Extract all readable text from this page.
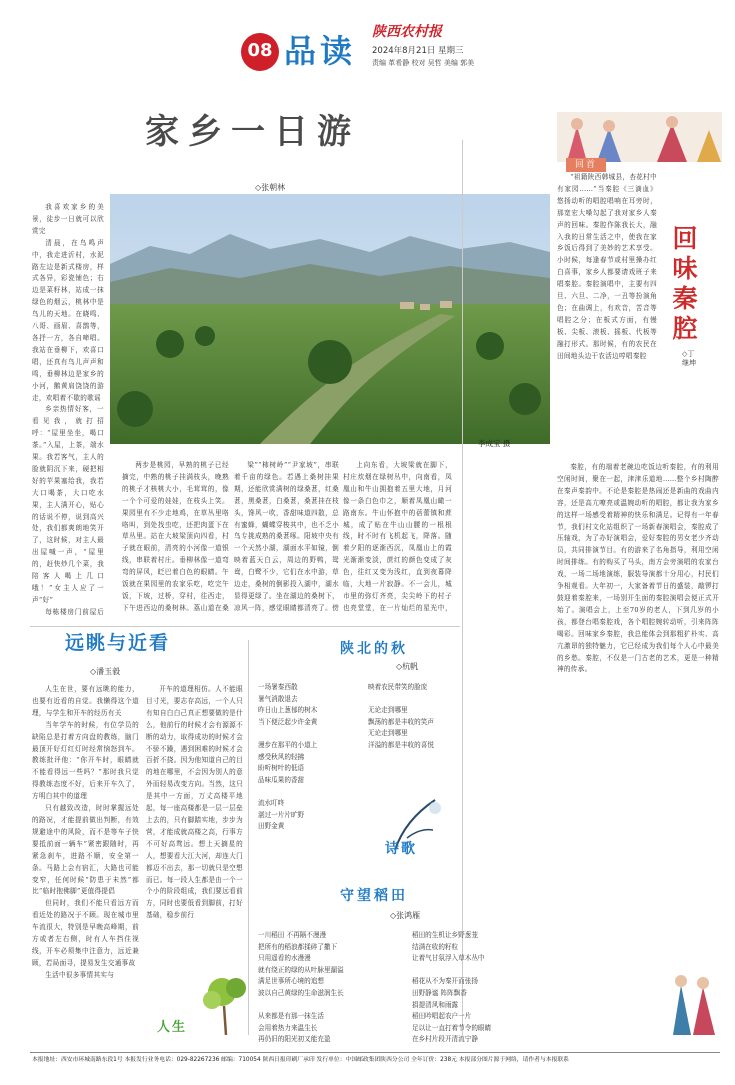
08 品读 陕西农村报
2024年8月21日 星期三
责编 革希静 校对 吴哲 美编 郭美
家乡一日游
◇张朝林
李成宝 摄

我喜欢家乡的美景，徒步一日就可以欣赏完

清晨，在鸟鸣声中，我走进沂村，水泥路左边是新式楼房，样式各异，彩瓷铺色；右边是菜籽林，站成一抹绿色的烟云，桃林中是鸟儿的天地。在晓鸣、八哥、画眉、喜鹊等，各抒一方，各自啼唱。我站在垂柳下，欢喜口唱，还真有鸟儿声声和鸣，垂柳林边是家乡的小河，鹅黄肩饶饶的游走，欢唱着不歇的歌谣

乡亲热情好客，一看见我，就打招呼：“屋里坐坐，喝口茶。”入屋，上茶，端水果。我若客气，主人的脸就阴沉下来，硬把相好的苹果塞给我，我若大口喝茶，大口吃水果，主人满开心，贴心的话说不停，说到高兴处，我们都爽朗地笑开了，这时候，对主人最出屋喊一声，“屋里的，赶快炒几个菜，我陪客人喝上几口哦！”女主人应了一声“好”

每栋楼房门前屋后

两步是桃园，早熟的桃子已经摘完，中熟的桃子挂满枝头，晚熟的桃子才核桃大小，毛茸茸的，像一个个可爱的娃娃，在枝头上笑。果园里有不少走地鸡，在草丛里咯咯叫，到处找虫吃，还把肉蛋下在草丛里。站在大坡梁顶向四看，村子就在眼前，清亮的小河像一道银线，串联着村庄。垂柳林像一道弯弯的屏风，眨巴着白色的眼睛。午饭就在果园里的农家乐吃，吃完午饭，下坡，过桥，穿村，往西走，下午进西边的桑树林。荔山道在桑

梁”“柿树岭”“尹家坡”，串联着千亩的绿色。若遇上桑树挂果期，还能欣赏满树的绿桑葚，红桑葚，黑桑葚，白桑葚，桑葚挂在枝头，馋风一吹，香甜味道四散，总有蜜蜂，蝴蝶穿梭其中，也不乏小鸟专挑成熟的桑葚啄。阳坡中央有一个天然小湖，湖面水平如镜，倒映着蓝天白云，周边的野鸭，鸳鸯，白鹭不少，它们在水中游，草边走，桑树的倒影投入湖中，湖水显得更绿了。坐在湖边的桑树下，凉风一阵，感觉眼睛都清亮了。傍

上向东看，大坡梁就在脚下，村庄炊烟在绿树丛中，向南看，凤凰山和牛山拥抱着五里大地，月河像一条白色巾之，顺着凤凰山瞰一路南东。牛山怀抱中的蓓蕾镇和蔗城，成了贴在牛山山腰的一根根线，时不时有飞机起飞，降落。随着夕阳的逐渐西沉，凤凰山上的霞光渐渐变淡，蔗红的颜色变成了灰色，往红又变为浅红，直到夜幕降临，大地一片寂静。不一会儿，城市里的弥灯齐亮，尖尖岭下的村子也亮堂堂，在一片灿烂的星光中，

回首

“祖籍陕西韩城县，杏花村中有家园……”当秦腔《三滴血》悠扬动听的唱腔唱响在耳旁时，那宽宏大嗓勾起了我对家乡人秦声的回味。秦腔作陈我长大，融入我的日常生活之中，使我在家乡饭后得到了美妙的艺术享受。小时候，每逢春节或村里操办红白喜事，家乡人都要请戏班子来唱秦腔。秦腔演唱中，主要有四旦、六旦、二净，一丑等扮演角色；在曲调上，有欢音，苦音等唱腔之分；在板式方面，有慢板、尖板、滚板、摇板、代板等融打形式。那时候，有的农民在田间地头边干农活边哼唱秦腔

回味秦腔
◇丁继坤

秦腔，有的端着老碗边吃饭边听秦腔，有的利用空闲时间，聚在一起，津津乐道地……整个乡村陶醉在秦声秦韵中。不论是秦腔是热闹还是新曲的戏曲内容，还是高亢嘹亮或温婉动听的唱腔，都让我为家乡的这样一场感受着精神的快乐和满足。记得有一年春节，我们村文化站组织了一场新春演唱会，秦腔成了压轴戏，为了办好演唱会，爱好秦腔的男女老少齐动员，共同排演节目。有的游来了名角指导，利用空闲时间排练。有的购买了马头，南方会旁演唱的农家台戏，一场二场地演练，服装导演都十分用心，村民们争相观看。大年初一，大家备着节日的盛装，敲锣打鼓迎着秦腔来，一场别开生面的秦腔演唱会便正式开始了。演唱会上，上至70岁的老人，下到几岁的小孩，都登台唱秦腔戏，各个唱腔婉转动听，引来阵阵喝彩。回味家乡秦腔，我总能体会到那粗犷朴实、高亢激昂的独特魅力，它已经成为我们每个人心中最美的乡愁。秦腔，不仅是一门古老的艺术，更是一种精神的传承。

远眺与近看
◇潘玉毅

人生在世，要有远眺的能力，也要有近看的自觉。我懒得这个道理，与学生和开车的经历有关

当年学车的时候，有位学员的缺陷总是打着方向盘的教练，脑门最顶开好灯红灯时经常恼怒到车。教练批评他：“你开车时，眼睛就不能看得远一些吗？”那时我只觉得教练态度不好，后来开车久了，方明白其中的道理

只有越致改造，时时掌握远处的路况，才能提前做出判断，有效规避途中的风险，而不是等车子快要抵前面一辆车”紧密跟随时，再紧急刹车，进路不顺，安全第一条。马路上会有宿汇，大路也可能变窄，任何时候“防患于未然”都比“临时抱佛脚”更值得提倡

但同时，我们不能只看远方而看近处的路况于不顾。现在城市里车流很大，特别是早晚高峰期，前方或者左右侧，时有人车挡住视线，开车必须集中注意力，远近兼顾，若局面寻，提易发生交通事故

生活中很多事情其实与

开车的道理相仿。人不能眼目寸光，要志存高远，一个人只有知自白白己真正想要做的是什么，他前行的时候才会有源源不断的动力，取得成功的时候才会不骄不躁，遇到困难的时候才会百折不挠。因为他知道自己的目的地在哪里，不会因为别人的意外而轻易改变方向。当然，这只是其中一方面，万丈高楼平地起，每一座高楼都是一层一层垒上去的，只有脚踏实地，步步为营，才能成就高楼之高，行事方不可好高骛远。想上天摘星的人，想要看大江大河，却连大门都迈不出去，那一切就只是空想而已。每一段人生都是由一个一个小的阶段组成，我们要远看前方，同时也要低看到脚前，打好基础，稳步前行

人生
陕北的秋
◇杭帆
一场暑秦西散
暑气消散退去
昨日山上葱郁的树木
当下便泛起少许金黄
漫步在那平的小道上
感受秋风的轻拂
盼听树叶的低语
品味瓜果的香甜
流水叮咚
湛过一片片旷野
田野金黄
映着农民带笑的脸庞
无论走到哪里
飘荡的都是丰收的笑声
无论走到哪里
洋溢的都是丰收的喜悦
诗歌
守望稻田
◇张鸿雁
一川稻田 不再隔不漫漫
把所有的稻浪都揉碎了撒下
只用遥看的水漫漫
就有绕正的绿的从叶脉里漏溢
满足世事所心境的追想
波以自己黄绿的生命滋润生长
从来都是有那一抹生活
会用着热力来温生长
再仍旧的阳光初又能充盈
稻田的生机让乡野葱茏
结满在收的籽粒
让着气甘氛浮入草木丛中
稻花从不为秦开而张扬
田野静谧 阵阵飘香
捐提清风和雨露
稻田吟唱起农户一片
足以让一直打着节令的眼睛
在乡村片段开清流宁静
本报地址：西安市环城南路东段1号 本报发行业务电话：029-82267236 邮编：710054 陕西日报印刷厂承印 发行单位：中国邮政集团陕西分公司 全年订价：238元 本报部分图片源于网络，请作者与本报联系
